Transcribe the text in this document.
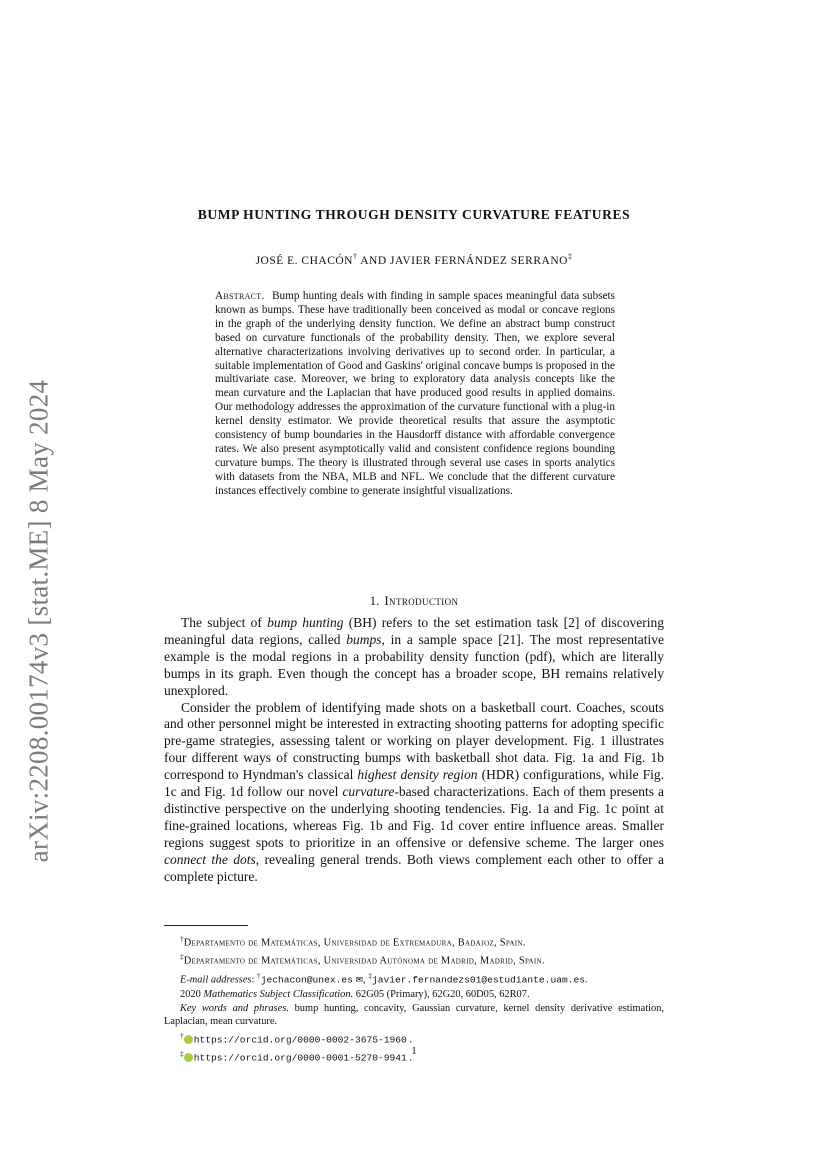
arXiv:2208.00174v3 [stat.ME] 8 May 2024
BUMP HUNTING THROUGH DENSITY CURVATURE FEATURES
JOSÉ E. CHACÓN† AND JAVIER FERNÁNDEZ SERRANO‡
Abstract. Bump hunting deals with finding in sample spaces meaningful data subsets known as bumps. These have traditionally been conceived as modal or concave regions in the graph of the underlying density function. We define an abstract bump construct based on curvature functionals of the probability density. Then, we explore several alternative characterizations involving derivatives up to second order. In particular, a suitable implementation of Good and Gaskins' original concave bumps is proposed in the multivariate case. Moreover, we bring to exploratory data analysis concepts like the mean curvature and the Laplacian that have produced good results in applied domains. Our methodology addresses the approximation of the curvature functional with a plug-in kernel density estimator. We provide theoretical results that assure the asymptotic consistency of bump boundaries in the Hausdorff distance with affordable convergence rates. We also present asymptotically valid and consistent confidence regions bounding curvature bumps. The theory is illustrated through several use cases in sports analytics with datasets from the NBA, MLB and NFL. We conclude that the different curvature instances effectively combine to generate insightful visualizations.
1. Introduction

The subject of bump hunting (BH) refers to the set estimation task [2] of discovering meaningful data regions, called bumps, in a sample space [21]. The most representative example is the modal regions in a probability density function (pdf), which are literally bumps in its graph. Even though the concept has a broader scope, BH remains relatively unexplored.

Consider the problem of identifying made shots on a basketball court. Coaches, scouts and other personnel might be interested in extracting shooting patterns for adopting specific pre-game strategies, assessing talent or working on player development. Fig. 1 illustrates four different ways of constructing bumps with basketball shot data. Fig. 1a and Fig. 1b correspond to Hyndman's classical highest density region (HDR) configurations, while Fig. 1c and Fig. 1d follow our novel curvature-based characterizations. Each of them presents a distinctive perspective on the underlying shooting tendencies. Fig. 1a and Fig. 1c point at fine-grained locations, whereas Fig. 1b and Fig. 1d cover entire influence areas. Smaller regions suggest spots to prioritize in an offensive or defensive scheme. The larger ones connect the dots, revealing general trends. Both views complement each other to offer a complete picture.

†Departamento de Matemáticas, Universidad de Extremadura, Badajoz, Spain.

‡Departamento de Matemáticas, Universidad Autónoma de Madrid, Madrid, Spain.

E-mail addresses: †jechacon@unex.es ✉, ‡javier.fernandezs01@estudiante.uam.es.

2020 Mathematics Subject Classification. 62G05 (Primary), 62G20, 60D05, 62R07.

Key words and phrases. bump hunting, concavity, Gaussian curvature, kernel density derivative estimation, Laplacian, mean curvature.

† https://orcid.org/0000-0002-3675-1960 .

‡ https://orcid.org/0000-0001-5270-9941 .

1
